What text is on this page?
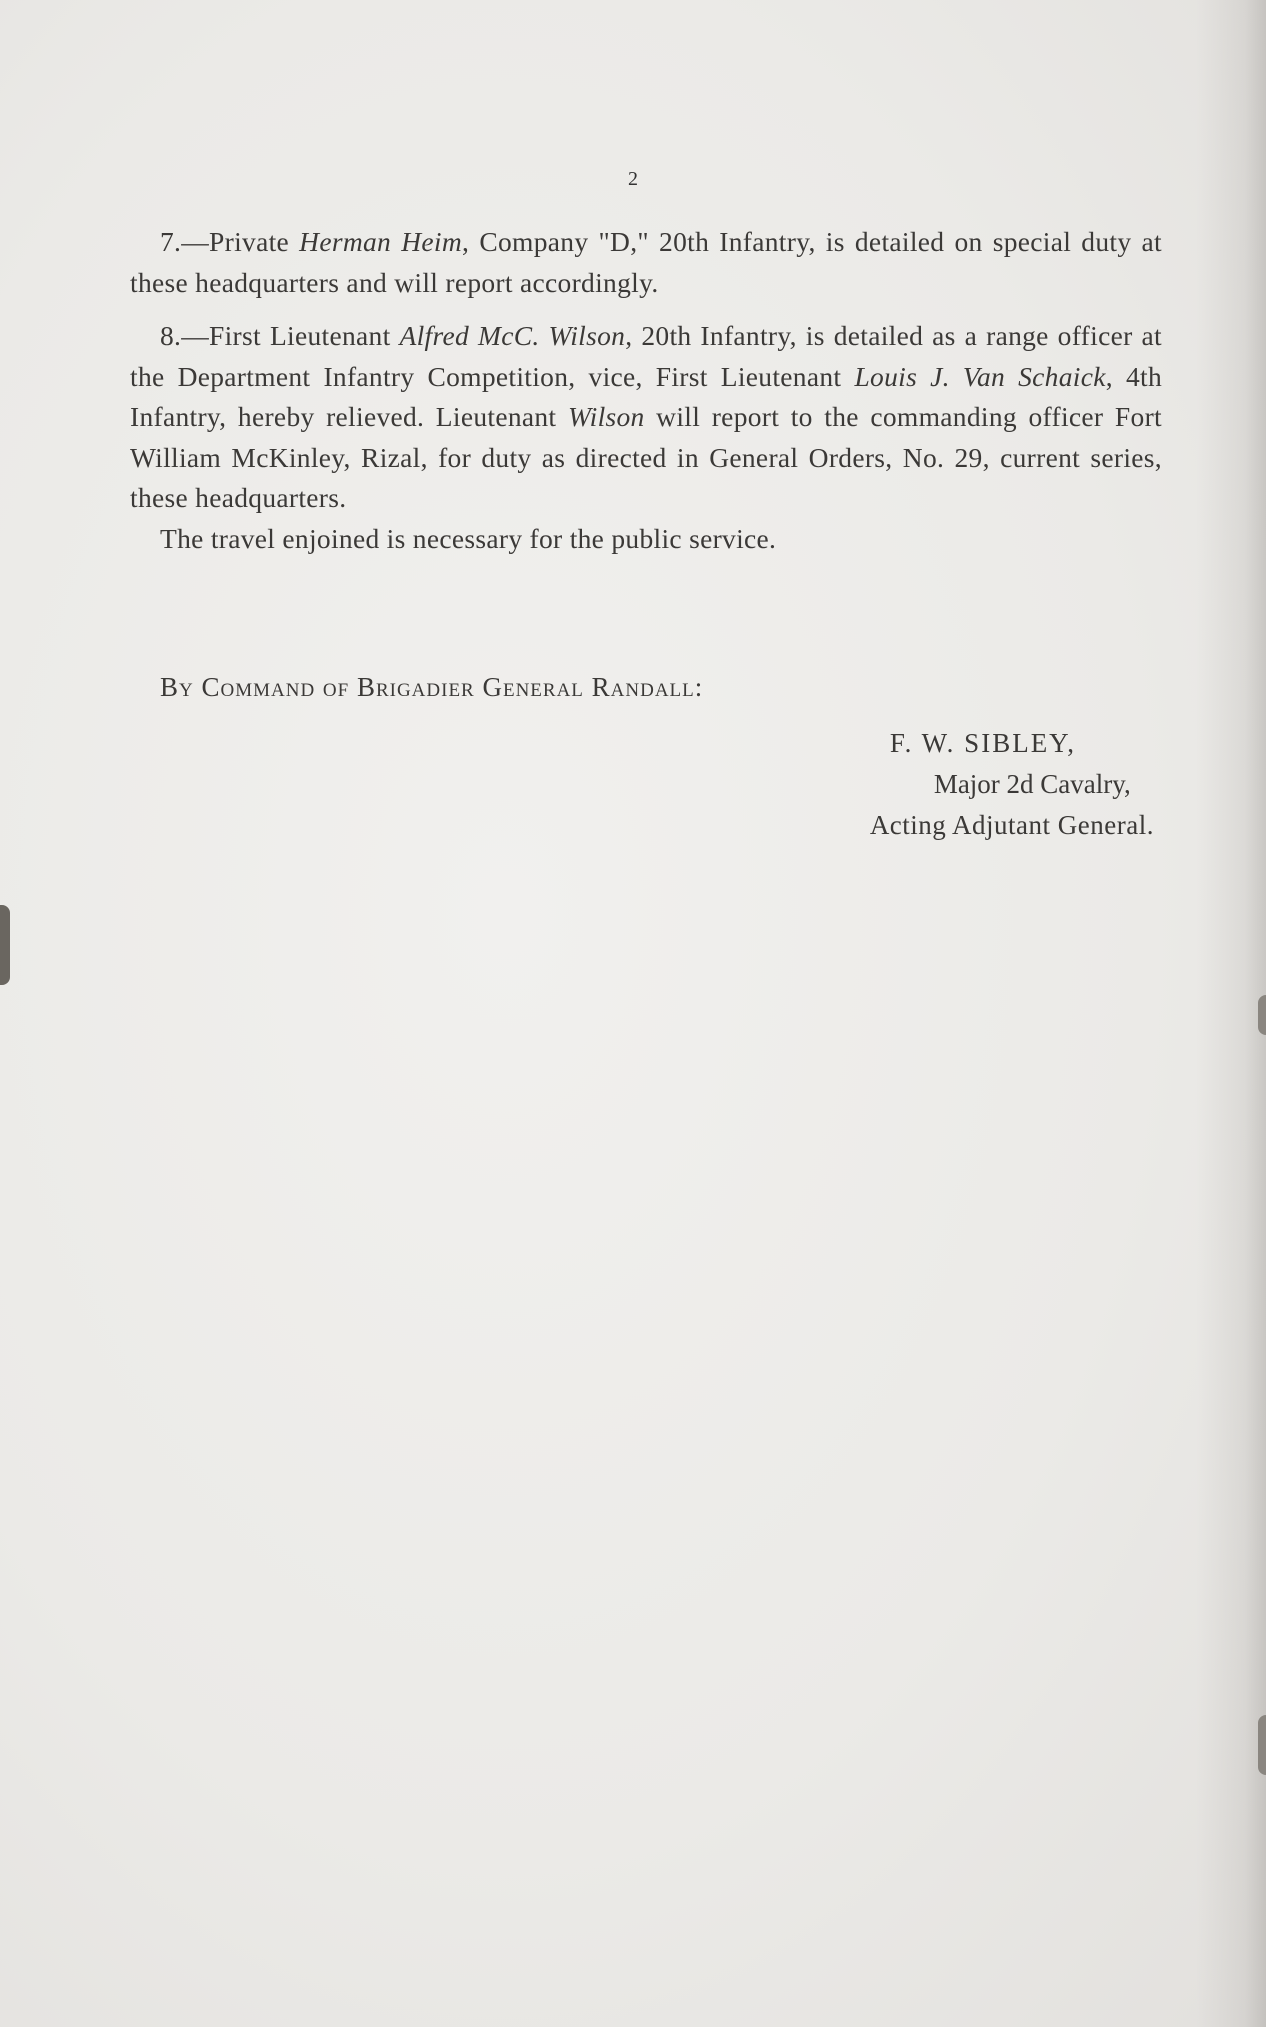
2

7.—Private Herman Heim, Company "D," 20th Infantry, is detailed on special duty at these headquarters and will report accordingly.

8.—First Lieutenant Alfred McC. Wilson, 20th Infantry, is detailed as a range officer at the Department Infantry Competition, vice, First Lieutenant Louis J. Van Schaick, 4th Infantry, hereby relieved. Lieutenant Wilson will report to the commanding officer Fort William McKinley, Rizal, for duty as directed in General Orders, No. 29, current series, these headquarters.

The travel enjoined is necessary for the public service.

By Command of Brigadier General Randall:
F. W. SIBLEY,
Major 2d Cavalry,
Acting Adjutant General.
